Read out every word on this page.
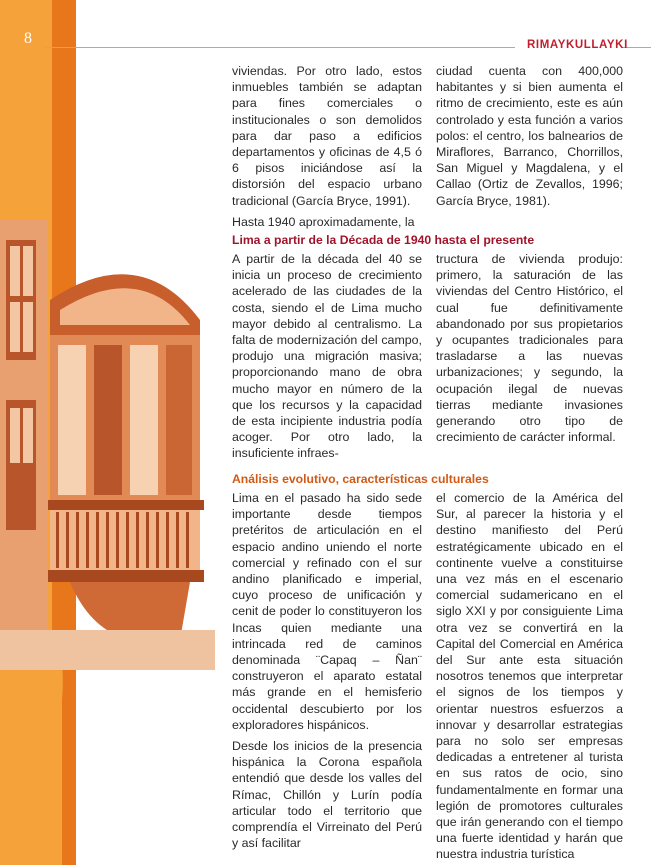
8	RIMAYKULLAYKI

viviendas. Por otro lado, estos inmuebles también se adaptan para fines comerciales o institucionales o son demolidos para dar paso a edificios departamentos y oficinas de 4,5 ó 6 pisos iniciándose así la distorsión del espacio urbano tradicional (García Bryce, 1991).

Hasta 1940 aproximadamente, la

ciudad cuenta con 400,000 habitantes y si bien aumenta el ritmo de crecimiento, este es aún controlado y esta función a varios polos: el centro, los balnearios de Miraflores, Barranco, Chorrillos, San Miguel y Magdalena, y el Callao (Ortiz de Zevallos, 1996; García Bryce, 1981).

Lima a partir de la Década de 1940 hasta el presente

A partir de la década del 40 se inicia un proceso de crecimiento acelerado de las ciudades de la costa, siendo el de Lima mucho mayor debido al centralismo. La falta de modernización del campo, produjo una migración masiva; proporcionando mano de obra mucho mayor en número de la que los recursos y la capacidad de esta incipiente industria podía acoger. Por otro lado, la insuficiente infraes-

tructura de vivienda produjo: primero, la saturación de las viviendas del Centro Histórico, el cual fue definitivamente abandonado por sus propietarios y ocupantes tradicionales para trasladarse a las nuevas urbanizaciones; y segundo, la ocupación ilegal de nuevas tierras mediante invasiones generando otro tipo de crecimiento de carácter informal.

Análisis evolutivo, características culturales

Lima en el pasado ha sido sede importante desde tiempos pretéritos de articulación en el espacio andino uniendo el norte comercial y refinado con el sur andino planificado e imperial, cuyo proceso de unificación y cenit de poder lo constituyeron los Incas quien mediante una intrincada red de caminos denominada ¨Capaq – Ñan¨ construyeron el aparato estatal más grande en el hemisferio occidental descubierto por los exploradores hispánicos.

Desde los inicios de la presencia hispánica la Corona española entendió que desde los valles del Rímac, Chillón y Lurín podía articular todo el territorio que comprendía el Virreinato del Perú y así facilitar

el comercio de la América del Sur, al parecer la historia y el destino manifiesto del Perú estratégicamente ubicado en el continente vuelve a constituirse una vez más en el escenario comercial sudamericano en el siglo XXI y por consiguiente Lima otra vez se convertirá en la Capital del Comercial en América del Sur ante esta situación nosotros tenemos que interpretar el signos de los tiempos y orientar nuestros esfuerzos a innovar y desarrollar estrategias para no solo ser empresas dedicadas a entretener al turista en sus ratos de ocio, sino fundamentalmente en formar una legión de promotores culturales que irán generando con el tiempo una fuerte identidad y harán que nuestra industria turística
